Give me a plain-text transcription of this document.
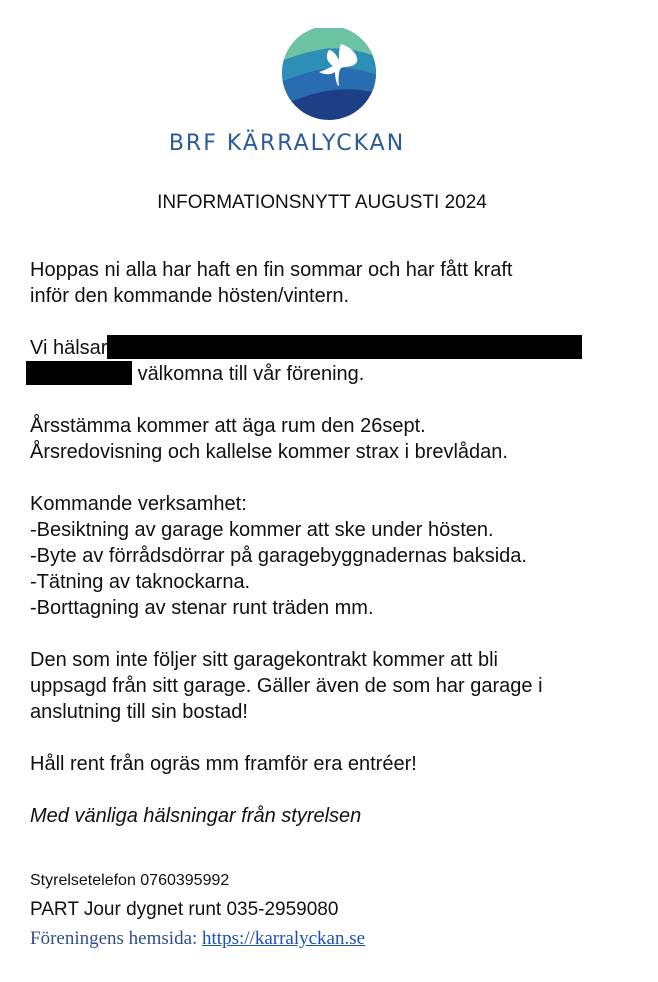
BRF KÄRRALYCKAN
INFORMATIONSNYTT AUGUSTI 2024

Hoppas ni alla har haft en fin sommar och har fått kraft

inför den kommande hösten/vintern.

Vi hälsar

välkomna till vår förening.

Årsstämma kommer att äga rum den 26sept.

Årsredovisning och kallelse kommer strax i brevlådan.

Kommande verksamhet:

-Besiktning av garage kommer att ske under hösten.

-Byte av förrådsdörrar på garagebyggnadernas baksida.

-Tätning av taknockarna.

-Borttagning av stenar runt träden mm.

Den som inte följer sitt garagekontrakt kommer att bli

uppsagd från sitt garage. Gäller även de som har garage i

anslutning till sin bostad!

Håll rent från ogräs mm framför era entréer!

Med vänliga hälsningar från styrelsen

Styrelsetelefon 0760395992

PART Jour dygnet runt 035-2959080

Föreningens hemsida: https://karralyckan.se
